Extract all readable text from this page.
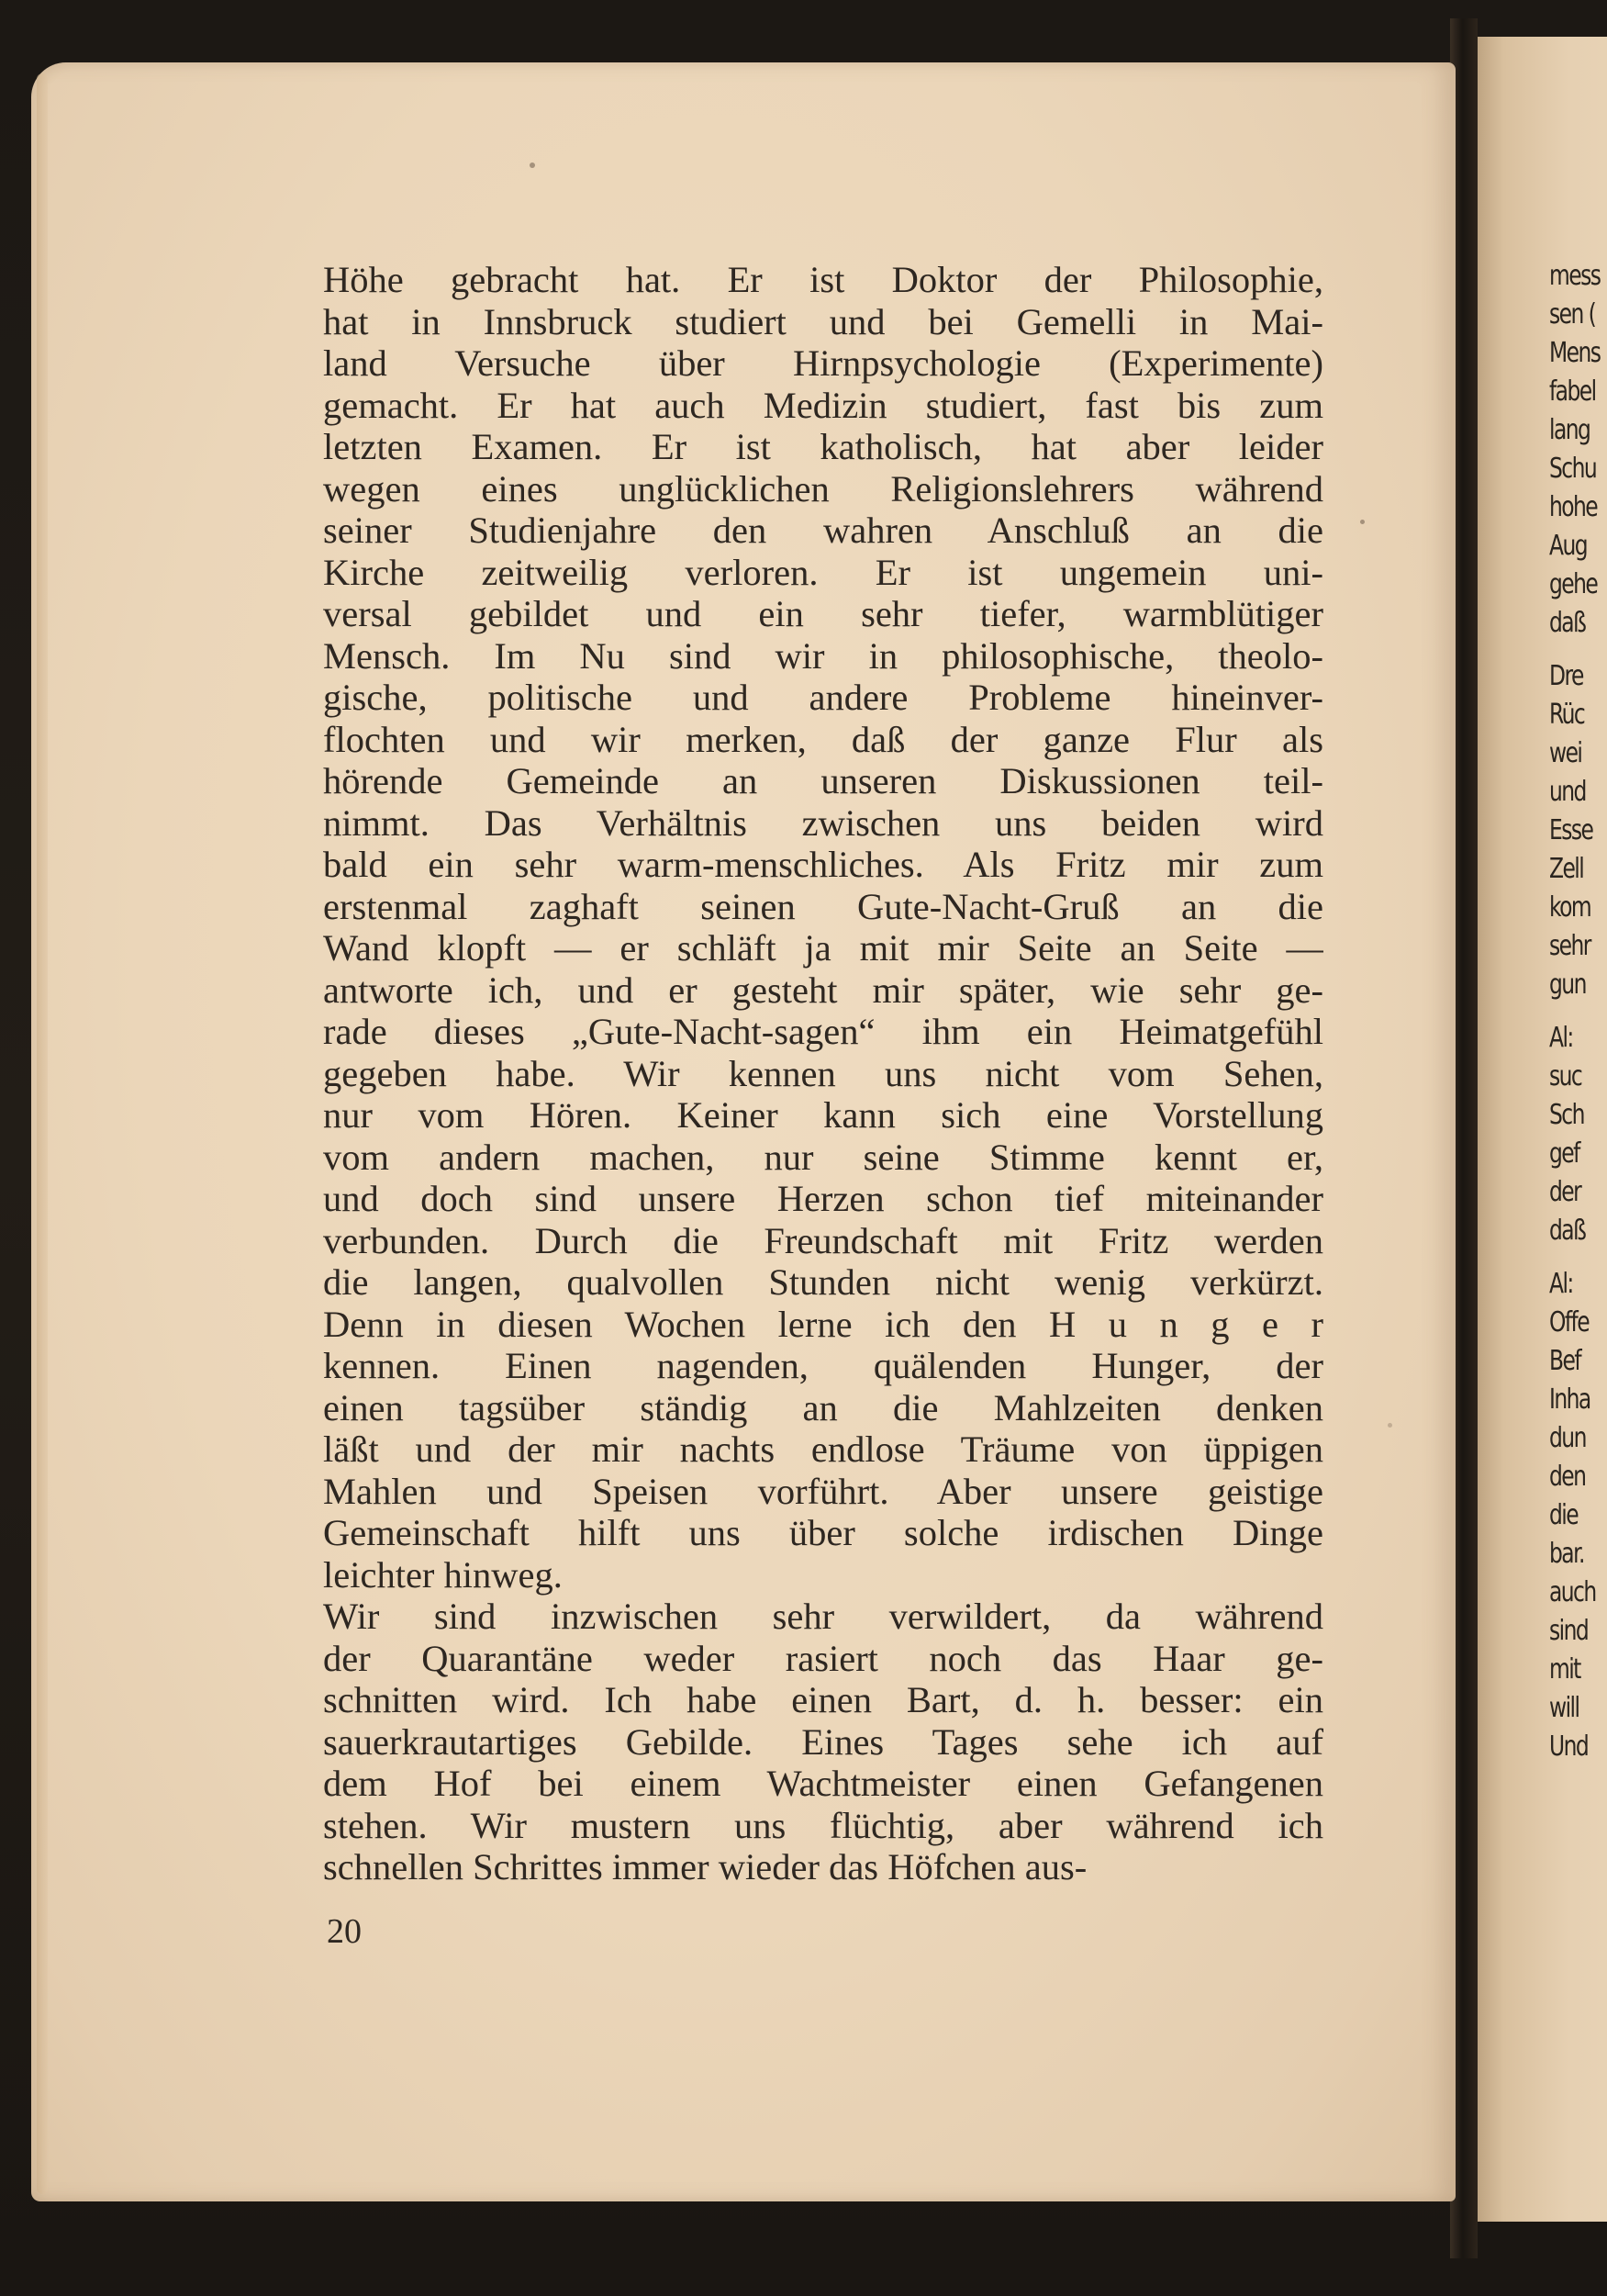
Höhe gebracht hat. Er ist Doktor der Philosophie,
hat in Innsbruck studiert und bei Gemelli in Mai-
land Versuche über Hirnpsychologie (Experimente)
gemacht. Er hat auch Medizin studiert, fast bis zum
letzten Examen. Er ist katholisch, hat aber leider
wegen eines unglücklichen Religionslehrers während
seiner Studienjahre den wahren Anschluß an die
Kirche zeitweilig verloren. Er ist ungemein uni-
versal gebildet und ein sehr tiefer, warmblütiger
Mensch. Im Nu sind wir in philosophische, theolo-
gische, politische und andere Probleme hineinver-
flochten und wir merken, daß der ganze Flur als
hörende Gemeinde an unseren Diskussionen teil-
nimmt. Das Verhältnis zwischen uns beiden wird
bald ein sehr warm-menschliches. Als Fritz mir zum
erstenmal zaghaft seinen Gute-Nacht-Gruß an die
Wand klopft — er schläft ja mit mir Seite an Seite —
antworte ich, und er gesteht mir später, wie sehr ge-
rade dieses „Gute-Nacht-sagen“ ihm ein Heimatgefühl
gegeben habe. Wir kennen uns nicht vom Sehen,
nur vom Hören. Keiner kann sich eine Vorstellung
vom andern machen, nur seine Stimme kennt er,
und doch sind unsere Herzen schon tief miteinander
verbunden. Durch die Freundschaft mit Fritz werden
die langen, qualvollen Stunden nicht wenig verkürzt.
Denn in diesen Wochen lerne ich den H u n g e r
kennen. Einen nagenden, quälenden Hunger, der
einen tagsüber ständig an die Mahlzeiten denken
läßt und der mir nachts endlose Träume von üppigen
Mahlen und Speisen vorführt. Aber unsere geistige
Gemeinschaft hilft uns über solche irdischen Dinge
leichter hinweg.
Wir sind inzwischen sehr verwildert, da während
der Quarantäne weder rasiert noch das Haar ge-
schnitten wird. Ich habe einen Bart, d. h. besser: ein
sauerkrautartiges Gebilde. Eines Tages sehe ich auf
dem Hof bei einem Wachtmeister einen Gefangenen
stehen. Wir mustern uns flüchtig, aber während ich
schnellen Schrittes immer wieder das Höfchen aus-
20
mess
sen (
Mens
fabel
lang
Schu
hohe
Aug
gehe
daß
Dre
Rüc
wei
und
Esse
Zell
kom
sehr
gun
Al:
suc
Sch
gef
der
daß
Al:
Offe
Bef
Inha
dun
den
die
bar.
auch
sind
mit
will
Und
